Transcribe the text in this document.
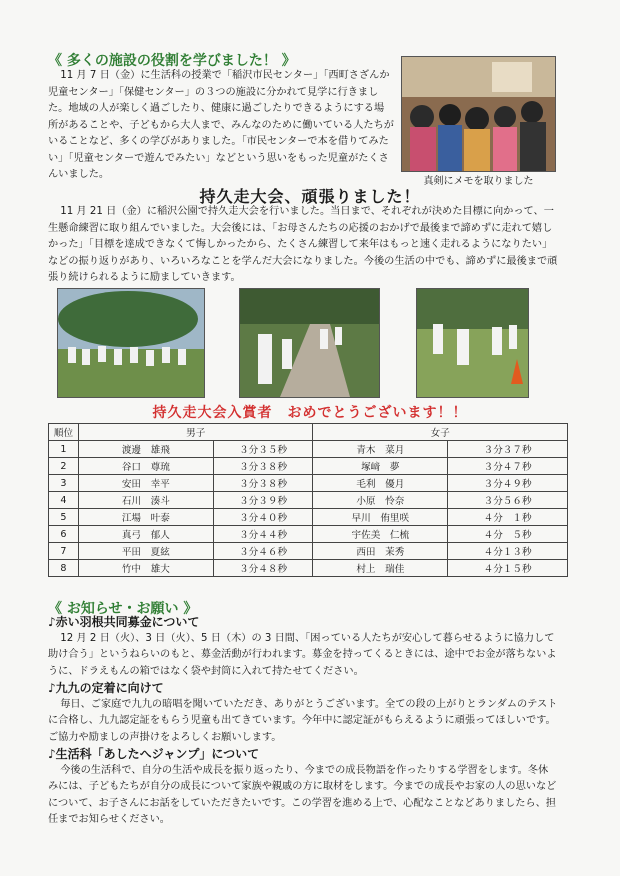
《 多くの施設の役割を学びました！ 》

11 月 7 日（金）に生活科の授業で「稲沢市民センター」「西町さざんか児童センター」「保健センター」の３つの施設に分かれて見学に行きました。地域の人が楽しく過ごしたり、健康に過ごしたりできるようにする場所があることや、子どもから大人まで、みんなのために働いている人たちがいることなど、多くの学びがありました。「市民センターで本を借りてみたい」「児童センターで遊んでみたい」などという思いをもった児童がたくさんいました。

真剣にメモを取りました
持久走大会、頑張りました！

11 月 21 日（金）に稲沢公園で持久走大会を行いました。当日まで、それぞれが決めた目標に向かって、一生懸命練習に取り組んでいました。大会後には、「お母さんたちの応援のおかげで最後まで諦めずに走れて嬉しかった」「目標を達成できなくて悔しかったから、たくさん練習して来年はもっと速く走れるようになりたい」などの振り返りがあり、いろいろなことを学んだ大会になりました。今後の生活の中でも、諦めずに最後まで頑張り続けられるように励ましていきます。

持久走大会入賞者　おめでとうございます！！
順位	男子		女子	
1	渡邊　雄飛	３分３５秒	青木　菜月	３分３７秒
2	谷口　尊琉	３分３８秒	塚﨑　夢	３分４７秒
3	安田　幸平	３分３８秒	毛利　優月	３分４９秒
4	石川　湊斗	３分３９秒	小原　怜奈	３分５６秒
5	江場　叶泰	３分４０秒	早川　侑里咲	４分　１秒
6	真弓　郁人	３分４４秒	宇佐美　仁梳	４分　５秒
7	平田　夏絃	３分４６秒	西田　茉秀	４分１３秒
8	竹中　雄大	３分４８秒	村上　瑞佳	４分１５秒
《 お知らせ・お願い 》
♪赤い羽根共同募金について

12 月 2 日（火）、3 日（火）、5 日（木）の 3 日間、「困っている人たちが安心して暮らせるように協力して助け合う」というねらいのもと、募金活動が行われます。募金を持ってくるときには、途中でお金が落ちないように、ドラえもんの箱ではなく袋や封筒に入れて持たせてください。

♪九九の定着に向けて

毎日、ご家庭で九九の暗唱を聞いていただき、ありがとうございます。全ての段の上がりとランダムのテストに合格し、九九認定証をもらう児童も出てきています。今年中に認定証がもらえるように頑張ってほしいです。ご協力や励ましの声掛けをよろしくお願いします。

♪生活科「あしたへジャンプ」について

今後の生活科で、自分の生活や成長を振り返ったり、今までの成長物語を作ったりする学習をします。冬休みには、子どもたちが自分の成長について家族や親戚の方に取材をします。今までの成長やお家の人の思いなどについて、お子さんにお話をしていただきたいです。この学習を進める上で、心配なことなどありましたら、担任までお知らせください。
